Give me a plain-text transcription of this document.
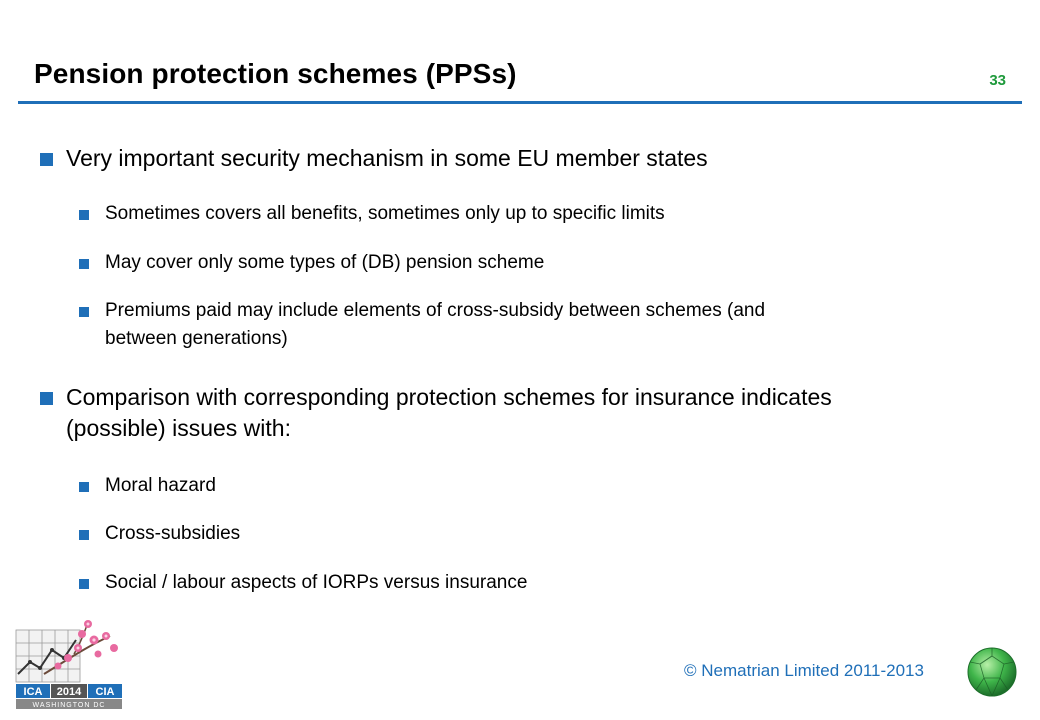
Pension protection schemes (PPSs)	33
Very important security mechanism in some EU member states
Sometimes covers all benefits, sometimes only up to specific limits
May cover only some types of (DB) pension scheme
Premiums paid may include elements of cross-subsidy between schemes (and
between generations)
Comparison with corresponding protection schemes for insurance indicates
(possible) issues with:
Moral hazard
Cross-subsidies
Social / labour aspects of IORPs versus insurance
ICA 2014 CIA
WASHINGTON DC
© Nematrian Limited 2011-2013
